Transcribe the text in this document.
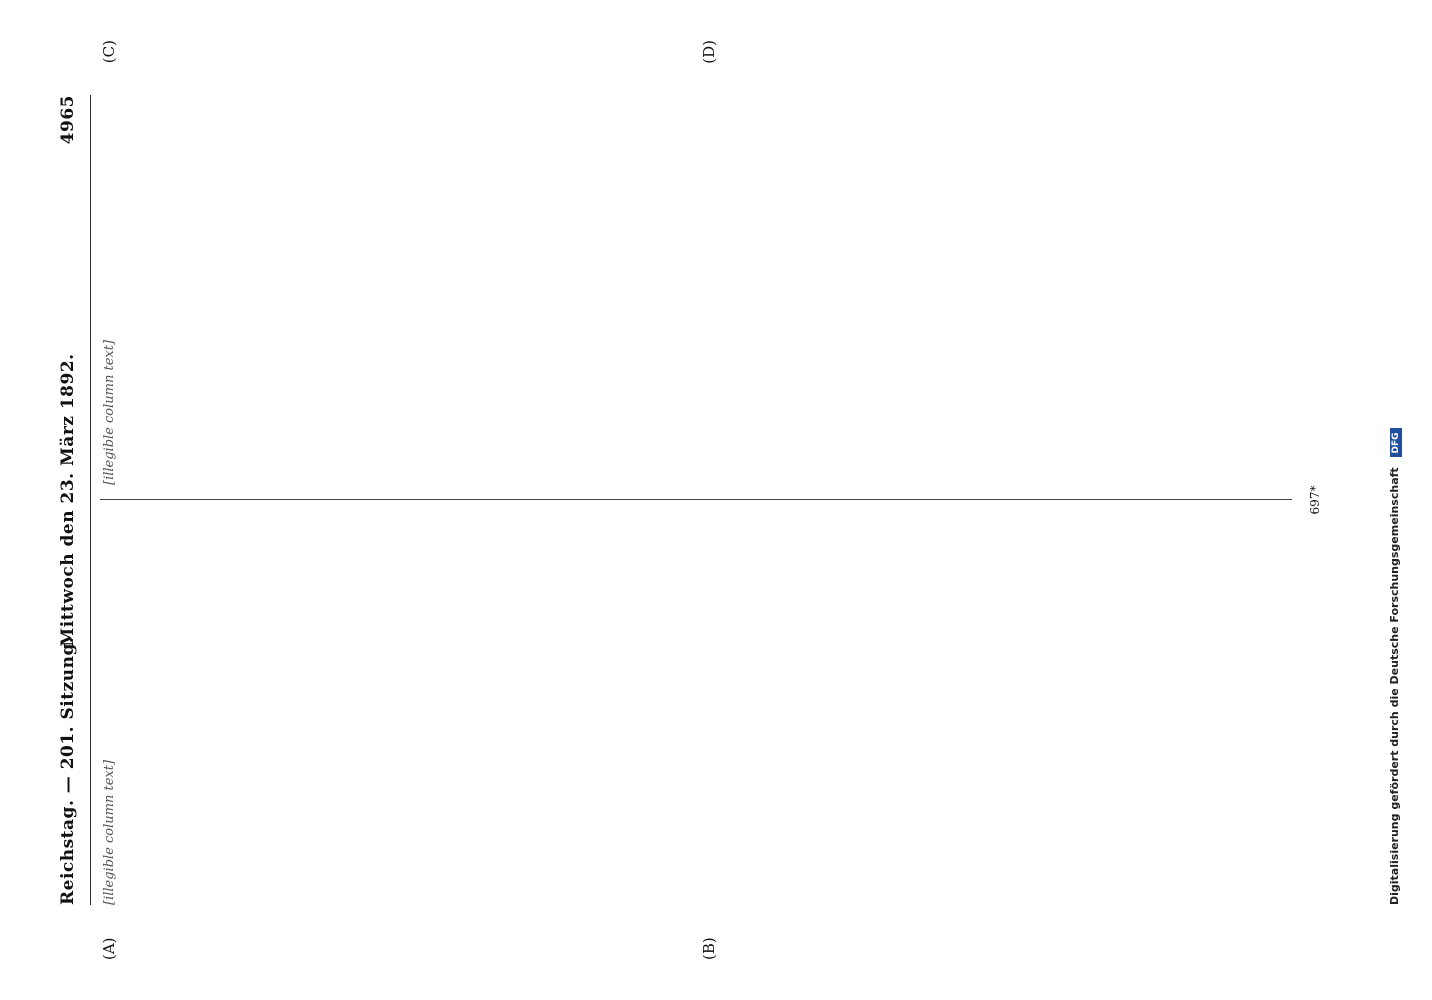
Reichstag. — 201. Sitzung.
Mittwoch den 23. März 1892.
4965
(A)	(B)
(C)	(D)

[illegible column text]

[illegible column text]

697*	Digitalisierung gefördert durch die Deutsche Forschungsgemeinschaft DFG
